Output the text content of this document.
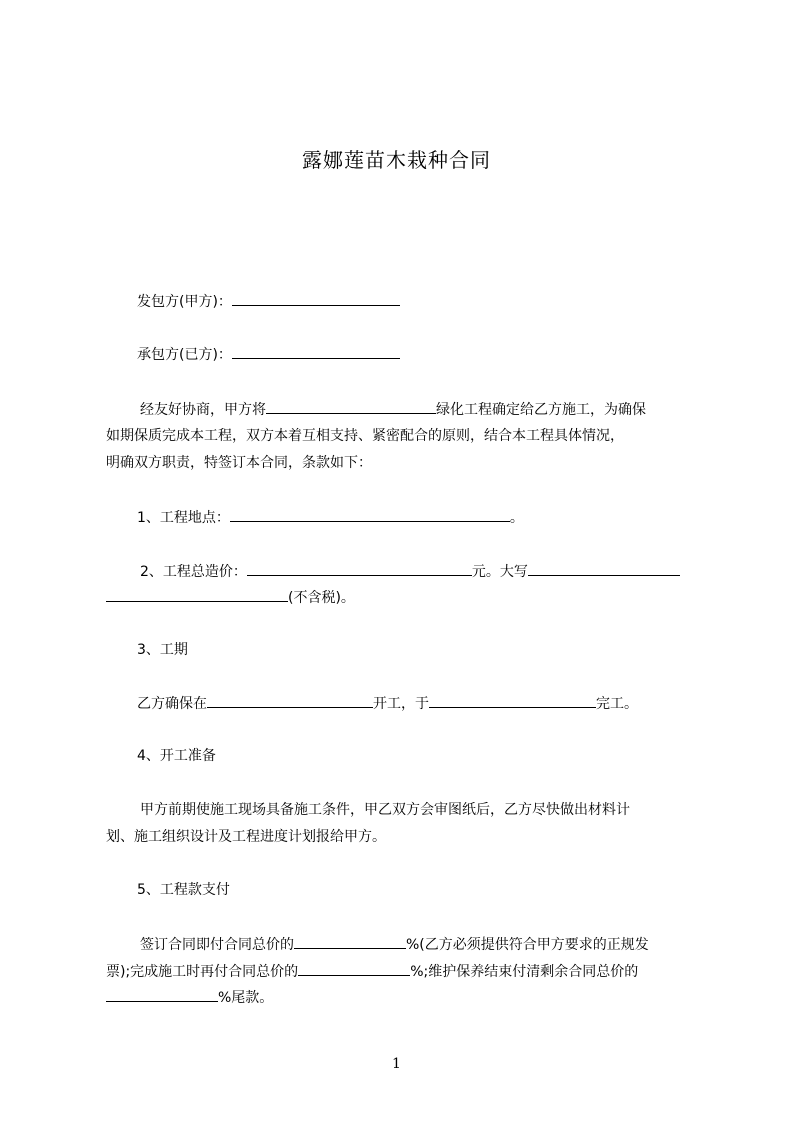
露娜莲苗木栽种合同
发包方(甲方)：
承包方(已方)：
经友好协商，甲方将	绿化工程确定给乙方施工，为确保
如期保质完成本工程，双方本着互相支持、紧密配合的原则，结合本工程具体情况，
明确双方职责，特签订本合同，条款如下：
1、工程地点：	。
2、工程总造价：	元。大写
(不含税)。
3、工期
乙方确保在	开工，于	完工。
4、开工准备
甲方前期使施工现场具备施工条件，甲乙双方会审图纸后，乙方尽快做出材料计
划、施工组织设计及工程进度计划报给甲方。
5、工程款支付
签订合同即付合同总价的	%(乙方必须提供符合甲方要求的正规发
票);完成施工时再付合同总价的	%;维护保养结束付清剩余合同总价的
%尾款。
1
